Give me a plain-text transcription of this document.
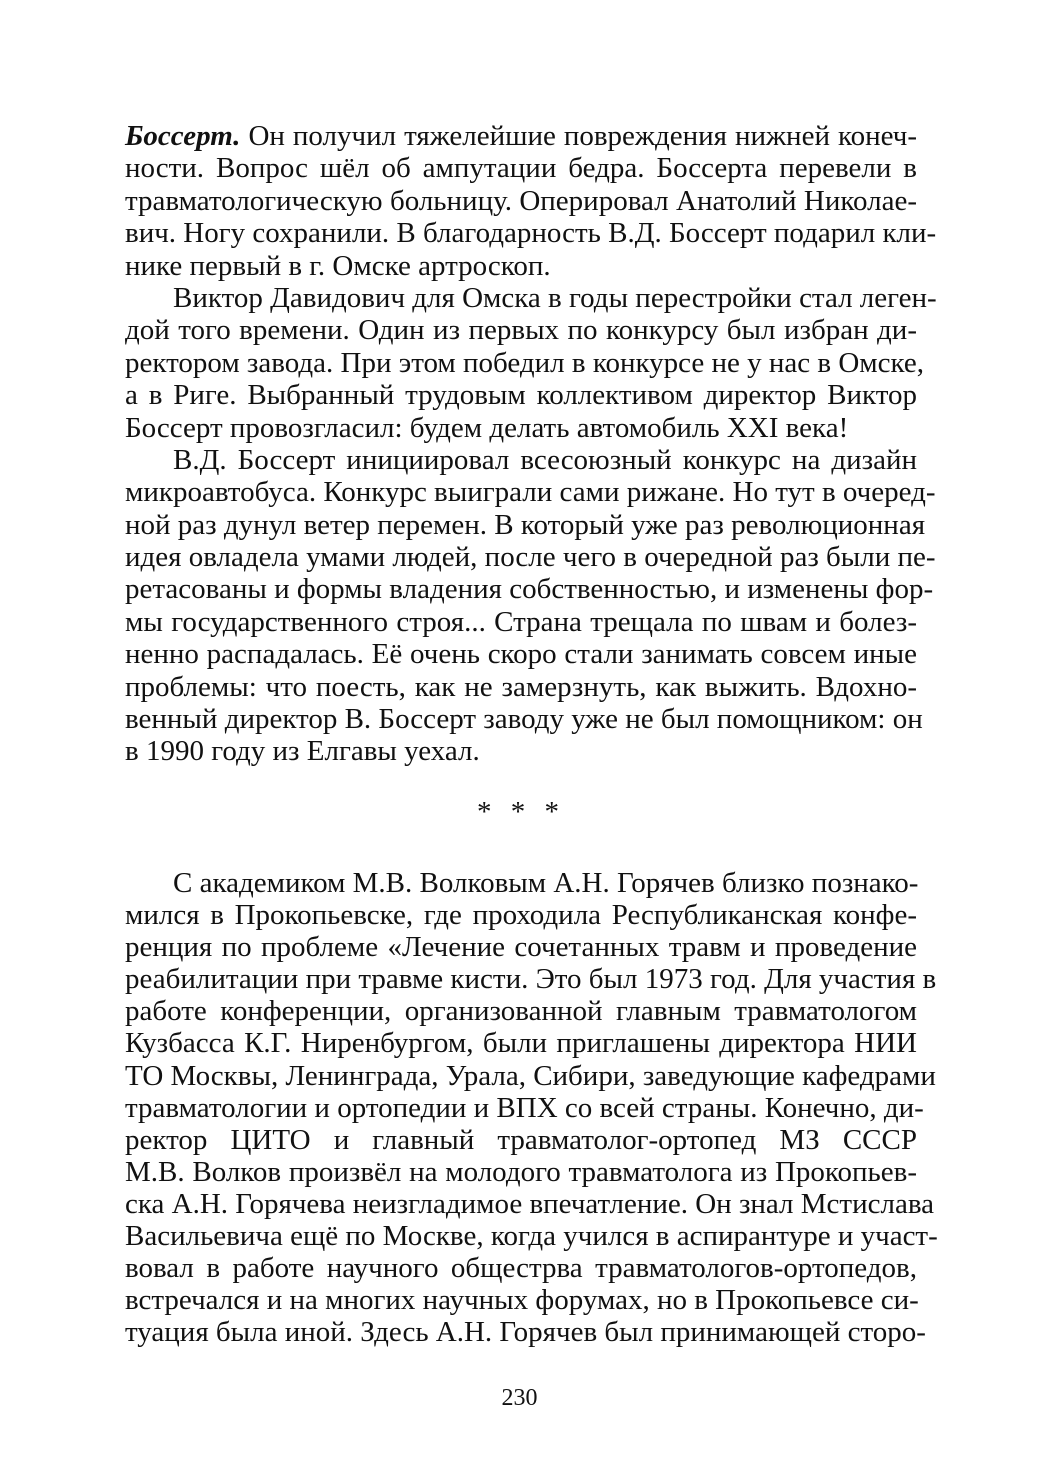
Боссерт. Он получил тяжелейшие повреждения нижней конеч-
ности. Вопрос шёл об ампутации бедра. Боссерта перевели в
травматологическую больницу. Оперировал Анатолий Николае-
вич. Ногу сохранили. В благодарность В.Д. Боссерт подарил кли-
нике первый в г. Омске артроскоп.
Виктор Давидович для Омска в годы перестройки стал леген-
дой того времени. Один из первых по конкурсу был избран ди-
ректором завода. При этом победил в конкурсе не у нас в Омске,
а в Риге. Выбранный трудовым коллективом директор Виктор
Боссерт провозгласил: будем делать автомобиль XXI века!
В.Д. Боссерт инициировал всесоюзный конкурс на дизайн
микроавтобуса. Конкурс выиграли сами рижане. Но тут в очеред-
ной раз дунул ветер перемен. В который уже раз революционная
идея овладела умами людей, после чего в очередной раз были пе-
ретасованы и формы владения собственностью, и изменены фор-
мы государственного строя... Страна трещала по швам и болез-
ненно распадалась. Её очень скоро стали занимать совсем иные
проблемы: что поесть, как не замерзнуть, как выжить. Вдохно-
венный директор В. Боссерт заводу уже не был помощником: он
в 1990 году из Елгавы уехал.
* * *
С академиком М.В. Волковым А.Н. Горячев близко познако-
мился в Прокопьевске, где проходила Республиканская конфе-
ренция по проблеме «Лечение сочетанных травм и проведение
реабилитации при травме кисти. Это был 1973 год. Для участия в
работе конференции, организованной главным травматологом
Кузбасса К.Г. Ниренбургом, были приглашены директора НИИ
ТО Москвы, Ленинграда, Урала, Сибири, заведующие кафедрами
травматологии и ортопедии и ВПХ со всей страны. Конечно, ди-
ректор ЦИТО и главный травматолог-ортопед МЗ СССР
М.В. Волков произвёл на молодого травматолога из Прокопьев-
ска А.Н. Горячева неизгладимое впечатление. Он знал Мстислава
Васильевича ещё по Москве, когда учился в аспирантуре и участ-
вовал в работе научного общестрва травматологов-ортопедов,
встречался и на многих научных форумах, но в Прокопьевсе си-
туация была иной. Здесь А.Н. Горячев был принимающей сторо-
230
